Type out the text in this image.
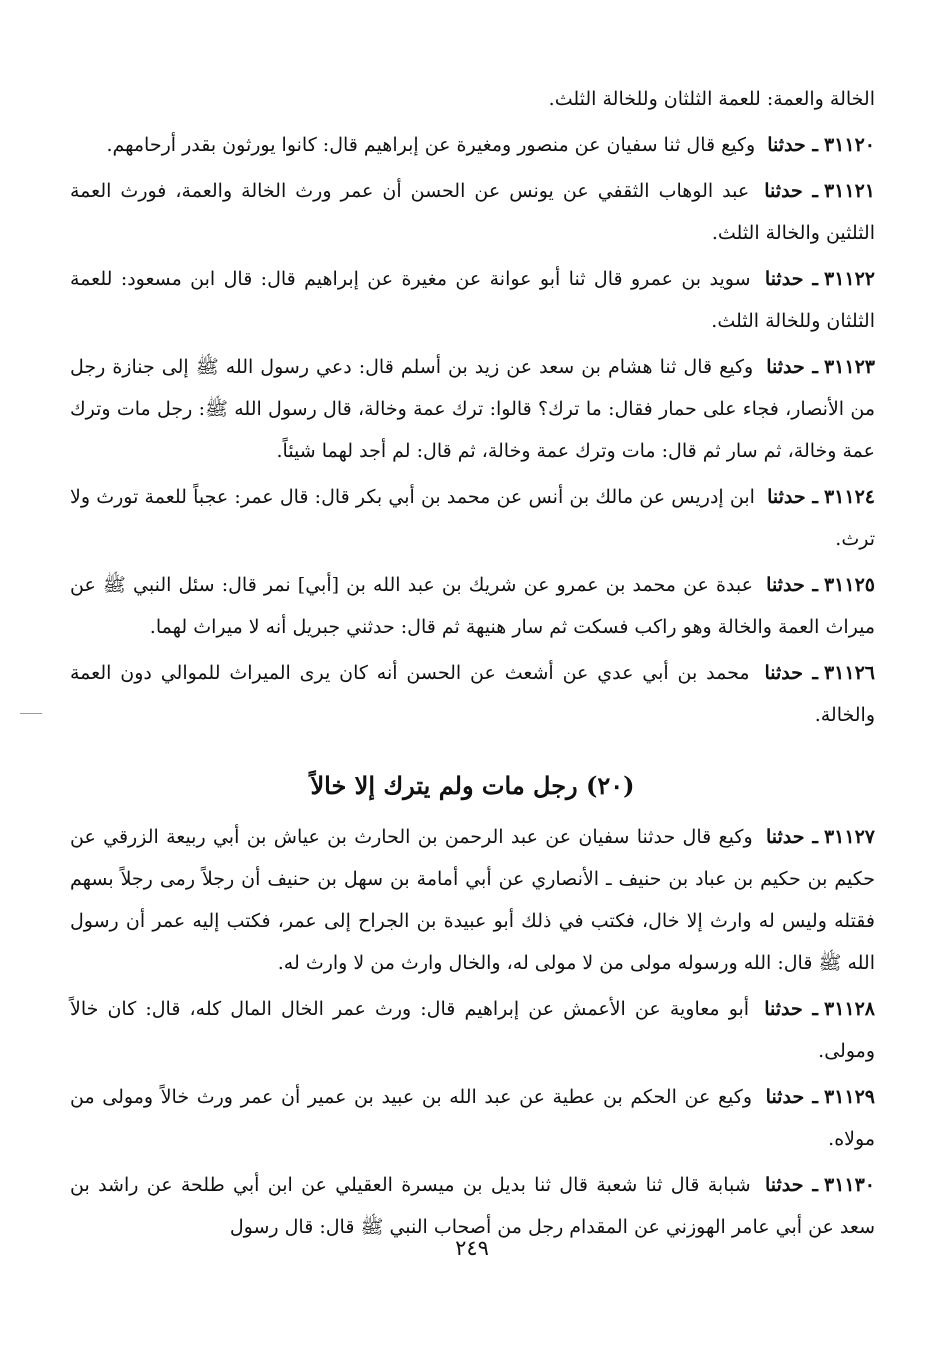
الخالة والعمة: للعمة الثلثان وللخالة الثلث.

٣١١٢٠ـ حدثنا وكيع قال ثنا سفيان عن منصور ومغيرة عن إبراهيم قال: كانوا يورثون بقدر أرحامهم.

٣١١٢١ـ حدثنا عبد الوهاب الثقفي عن يونس عن الحسن أن عمر ورث الخالة والعمة، فورث العمة الثلثين والخالة الثلث.

٣١١٢٢ـ حدثنا سويد بن عمرو قال ثنا أبو عوانة عن مغيرة عن إبراهيم قال: قال ابن مسعود: للعمة الثلثان وللخالة الثلث.

٣١١٢٣ـ حدثنا وكيع قال ثنا هشام بن سعد عن زيد بن أسلم قال: دعي رسول الله ﷺ إلى جنازة رجل من الأنصار، فجاء على حمار فقال: ما ترك؟ قالوا: ترك عمة وخالة، قال رسول الله ﷺ: رجل مات وترك عمة وخالة، ثم سار ثم قال: مات وترك عمة وخالة، ثم قال: لم أجد لهما شيئاً.

٣١١٢٤ـ حدثنا ابن إدريس عن مالك بن أنس عن محمد بن أبي بكر قال: قال عمر: عجباً للعمة تورث ولا ترث.

٣١١٢٥ـ حدثنا عبدة عن محمد بن عمرو عن شريك بن عبد الله بن [أبي] نمر قال: سئل النبي ﷺ عن ميراث العمة والخالة وهو راكب فسكت ثم سار هنيهة ثم قال: حدثني جبريل أنه لا ميراث لهما.

٣١١٢٦ـ حدثنا محمد بن أبي عدي عن أشعث عن الحسن أنه كان يرى الميراث للموالي دون العمة والخالة.

(٢٠) رجل مات ولم يترك إلا خالاً

٣١١٢٧ـ حدثنا وكيع قال حدثنا سفيان عن عبد الرحمن بن الحارث بن عياش بن أبي ربيعة الزرقي عن حكيم بن حكيم بن عباد بن حنيف ـ الأنصاري عن أبي أمامة بن سهل بن حنيف أن رجلاً رمى رجلاً بسهم فقتله وليس له وارث إلا خال، فكتب في ذلك أبو عبيدة بن الجراح إلى عمر، فكتب إليه عمر أن رسول الله ﷺ قال: الله ورسوله مولى من لا مولى له، والخال وارث من لا وارث له.

٣١١٢٨ـ حدثنا أبو معاوية عن الأعمش عن إبراهيم قال: ورث عمر الخال المال كله، قال: كان خالاً ومولى.

٣١١٢٩ـ حدثنا وكيع عن الحكم بن عطية عن عبد الله بن عبيد بن عمير أن عمر ورث خالاً ومولى من مولاه.

٣١١٣٠ـ حدثنا شبابة قال ثنا شعبة قال ثنا بديل بن ميسرة العقيلي عن ابن أبي طلحة عن راشد بن سعد عن أبي عامر الهوزني عن المقدام رجل من أصحاب النبي ﷺ قال: قال رسول

٢٤٩
